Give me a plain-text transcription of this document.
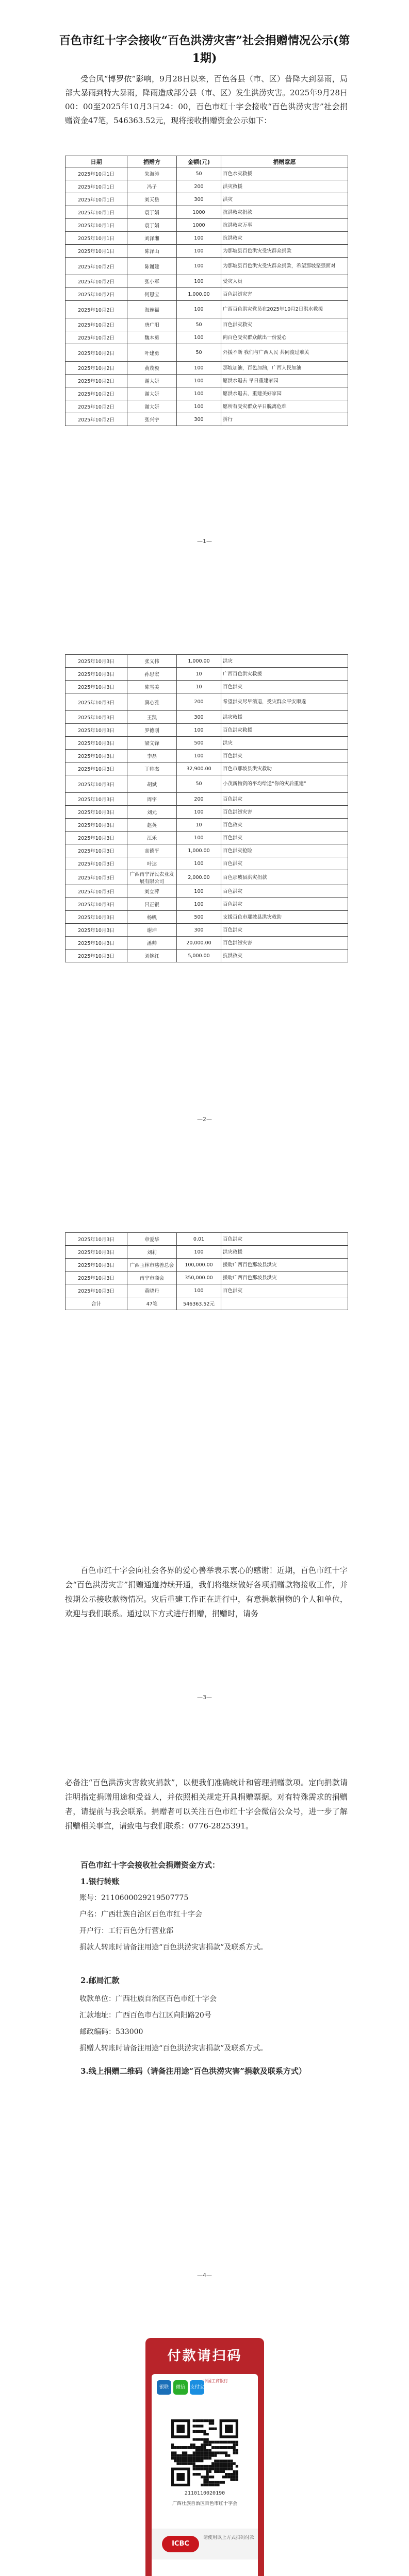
百色市红十字会接收“百色洪涝灾害”社会捐赠情况公示(第1期)
受台风“博罗依”影响，9月28日以来，百色各县（市、区）普降大到暴雨，局部大暴雨到特大暴雨，降雨造成部分县（市、区）发生洪涝灾害。2025年9月28日00：00至2025年10月3日24：00，百色市红十字会接收“百色洪涝灾害”社会捐赠资金47笔，546363.52元，现将接收捐赠资金公示如下：
日期	捐赠方	金额(元)	捐赠意愿
2025年10月1日	朱海涛	50	百色水灾救援
2025年10月1日	冯子	200	洪灾救援
2025年10月1日	刘天岳	300	洪灾
2025年10月1日	袁丁娟	1000	抗洪救灾捐款
2025年10月1日	袁丁娟	1000	抗洪救灾万事
2025年10月1日	刘泽湘	100	抗洪救灾
2025年10月1日	陈泽山	100	为那坡县百色洪灾受灾群众捐款
2025年10月2日	陈谢建	100	为那坡县百色洪灾受灾群众捐款，希望那坡坚强面对
2025年10月2日	张小军	100	受灾人员
2025年10月2日	何恩宝	1,000.00	百色洪涝灾害
2025年10月2日	海连福	100	广西百色洪灾党员在2025年10月2日洪水救援
2025年10月2日	唐广阳	50	百色洪灾救灾
2025年10月2日	魏本勇	100	向百色受灾群众献出一份爱心
2025年10月2日	叶建勇	50	外援不断 我们与广西人民 共同渡过难关
2025年10月2日	黄茂毅	100	那坡加油，百色加油，广西人民加油
2025年10月2日	谢大妍	100	愿洪水退去 早日重建家园
2025年10月2日	谢大妍	100	愿洪水退去，重建美好家园
2025年10月2日	谢大妍	100	愿所有受灾群众早日脱离危难
2025年10月2日	张兴宇	300	拼行
—1—
2025年10月3日	张义伟	1,000.00	洪灾
2025年10月3日	孙思宏	10	广西百色洪灾救援
2025年10月3日	陈雪美	10	百色洪灾
2025年10月3日	窦心雅	200	希望洪灾尽早消退，受灾群众平安顺遂
2025年10月3日	王凯	300	洪灾救援
2025年10月3日	罗德刚	100	百色洪灾救援
2025年10月3日	梁文锋	500	洪灾
2025年10月3日	李磊	100	百色洪灾
2025年10月3日	丁帅杰	32,900.00	百色市那坡县洪灾救助
2025年10月3日	胡斌	50	小茂新物资的平均给送“你的灾后重建”
2025年10月3日	周宇	200	百色洪灾
2025年10月3日	刘元	100	百色洪涝灾害
2025年10月3日	赵英	10	百色救灾
2025年10月3日	江禾	100	百色洪灾
2025年10月3日	高德平	1,000.00	百色洪灾抢险
2025年10月3日	叶达	100	百色洪灾
2025年10月3日	广西南宁泽民农业发展有限公司	2,000.00	百色那坡县洪灾捐款
2025年10月3日	刘立萍	100	百色洪灾
2025年10月3日	吕正银	100	百色洪灾
2025年10月3日	杨帆	500	支援百色市那坡县洪灾救助
2025年10月3日	谢坤	300	百色洪灾
2025年10月3日	潘帅	20,000.00	百色洪涝灾害
2025年10月3日	刘婉红	5,000.00	抗洪救灾
—2—
2025年10月3日	章爱华	0.01	百色洪灾
2025年10月3日	刘莉	100	洪灾救援
2025年10月3日	广西玉林市慈善总会	100,000.00	援助广西百色那坡县洪灾
2025年10月3日	南宁市商会	350,000.00	援助广西百色那坡县洪灾
2025年10月3日	黄晓丹	100	百色洪灾
合计	47笔	546363.52元	
百色市红十字会向社会各界的爱心善举表示衷心的感谢！近期，百色市红十字会“百色洪涝灾害”捐赠通道持续开通，我们将继续做好各项捐赠款物接收工作，并按期公示接收款物情况。灾后重建工作正在进行中，有意捐款捐物的个人和单位，欢迎与我们联系。通过以下方式进行捐赠，捐赠时，请务
—3—
必备注“百色洪涝灾害救灾捐款”，以便我们准确统计和管理捐赠款项。定向捐款请注明指定捐赠用途和受益人，并依照相关规定开具捐赠票据。对有特殊需求的捐赠者，请提前与我会联系。捐赠者可以关注百色市红十字会微信公众号，进一步了解捐赠相关事宜，请致电与我们联系：0776-2825391。
百色市红十字会接收社会捐赠资金方式：
1.银行转账
账号：2110600029219507775
户名：广西壮族自治区百色市红十字会
开户行：工行百色分行营业部
捐款人转账时请备注用途“百色洪涝灾害捐款”及联系方式。
2.邮局汇款
收款单位：广西壮族自治区百色市红十字会
汇款地址：广西百色市右江区向阳路20号
邮政编码：533000
捐赠人转账时请备注用途“百色洪涝灾害捐款”及联系方式。
3.线上捐赠二维码（请备注用途“百色洪涝灾害”捐款及联系方式）
—4—
付款请扫码
银联	微信	支付宝
中国工商银行
2110110020190
广西壮族自治区百色市红十字会
ICBC
请使用以上方式扫码付款
